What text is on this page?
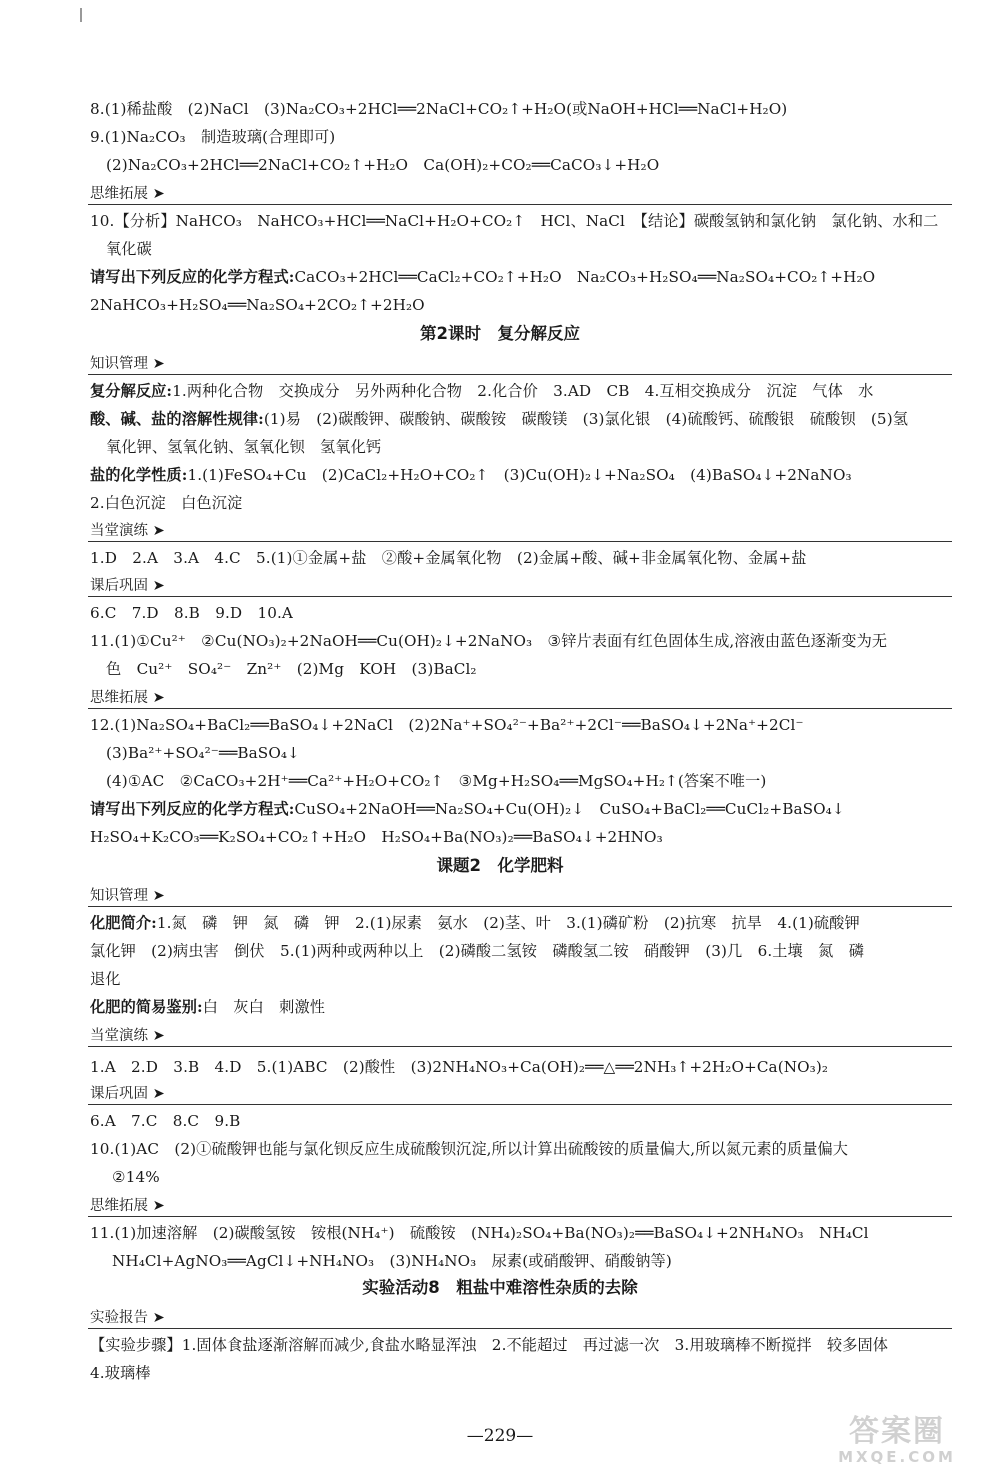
8.(1)稀盐酸　(2)NaCl　(3)Na₂CO₃+2HCl══2NaCl+CO₂↑+H₂O(或NaOH+HCl══NaCl+H₂O)
9.(1)Na₂CO₃　制造玻璃(合理即可)
(2)Na₂CO₃+2HCl══2NaCl+CO₂↑+H₂O　Ca(OH)₂+CO₂══CaCO₃↓+H₂O
思维拓展 ➤
10.【分析】NaHCO₃　NaHCO₃+HCl══NaCl+H₂O+CO₂↑　HCl、NaCl　【结论】碳酸氢钠和氯化钠　氯化钠、水和二
氧化碳
请写出下列反应的化学方程式:CaCO₃+2HCl══CaCl₂+CO₂↑+H₂O　Na₂CO₃+H₂SO₄══Na₂SO₄+CO₂↑+H₂O
2NaHCO₃+H₂SO₄══Na₂SO₄+2CO₂↑+2H₂O
第2课时　复分解反应
知识管理 ➤
复分解反应:1.两种化合物　交换成分　另外两种化合物　2.化合价　3.AD　CB　4.互相交换成分　沉淀　气体　水
酸、碱、盐的溶解性规律:(1)易　(2)碳酸钾、碳酸钠、碳酸铵　碳酸镁　(3)氯化银　(4)硫酸钙、硫酸银　硫酸钡　(5)氢
氧化钾、氢氧化钠、氢氧化钡　氢氧化钙
盐的化学性质:1.(1)FeSO₄+Cu　(2)CaCl₂+H₂O+CO₂↑　(3)Cu(OH)₂↓+Na₂SO₄　(4)BaSO₄↓+2NaNO₃
2.白色沉淀　白色沉淀
当堂演练 ➤
1.D　2.A　3.A　4.C　5.(1)①金属+盐　②酸+金属氧化物　(2)金属+酸、碱+非金属氧化物、金属+盐
课后巩固 ➤
6.C　7.D　8.B　9.D　10.A
11.(1)①Cu²⁺　②Cu(NO₃)₂+2NaOH══Cu(OH)₂↓+2NaNO₃　③锌片表面有红色固体生成,溶液由蓝色逐渐变为无
色　Cu²⁺　SO₄²⁻　Zn²⁺　(2)Mg　KOH　(3)BaCl₂
思维拓展 ➤
12.(1)Na₂SO₄+BaCl₂══BaSO₄↓+2NaCl　(2)2Na⁺+SO₄²⁻+Ba²⁺+2Cl⁻══BaSO₄↓+2Na⁺+2Cl⁻
(3)Ba²⁺+SO₄²⁻══BaSO₄↓
(4)①AC　②CaCO₃+2H⁺══Ca²⁺+H₂O+CO₂↑　③Mg+H₂SO₄══MgSO₄+H₂↑(答案不唯一)
请写出下列反应的化学方程式:CuSO₄+2NaOH══Na₂SO₄+Cu(OH)₂↓　CuSO₄+BaCl₂══CuCl₂+BaSO₄↓
H₂SO₄+K₂CO₃══K₂SO₄+CO₂↑+H₂O　H₂SO₄+Ba(NO₃)₂══BaSO₄↓+2HNO₃
课题2　化学肥料
知识管理 ➤
化肥简介:1.氮　磷　钾　氮　磷　钾　2.(1)尿素　氨水　(2)茎、叶　3.(1)磷矿粉　(2)抗寒　抗旱　4.(1)硫酸钾
氯化钾　(2)病虫害　倒伏　5.(1)两种或两种以上　(2)磷酸二氢铵　磷酸氢二铵　硝酸钾　(3)几　6.土壤　氮　磷
退化
化肥的简易鉴别:白　灰白　刺激性
当堂演练 ➤
1.A　2.D　3.B　4.D　5.(1)ABC　(2)酸性　(3)2NH₄NO₃+Ca(OH)₂══△══2NH₃↑+2H₂O+Ca(NO₃)₂
课后巩固 ➤
6.A　7.C　8.C　9.B
10.(1)AC　(2)①硫酸钾也能与氯化钡反应生成硫酸钡沉淀,所以计算出硫酸铵的质量偏大,所以氮元素的质量偏大
②14%
思维拓展 ➤
11.(1)加速溶解　(2)碳酸氢铵　铵根(NH₄⁺)　硫酸铵　(NH₄)₂SO₄+Ba(NO₃)₂══BaSO₄↓+2NH₄NO₃　NH₄Cl
NH₄Cl+AgNO₃══AgCl↓+NH₄NO₃　(3)NH₄NO₃　尿素(或硝酸钾、硝酸钠等)
实验活动8　粗盐中难溶性杂质的去除
实验报告 ➤
【实验步骤】1.固体食盐逐渐溶解而减少,食盐水略显浑浊　2.不能超过　再过滤一次　3.用玻璃棒不断搅拌　较多固体
4.玻璃棒
—229—	答案圈
MXQE.COM
